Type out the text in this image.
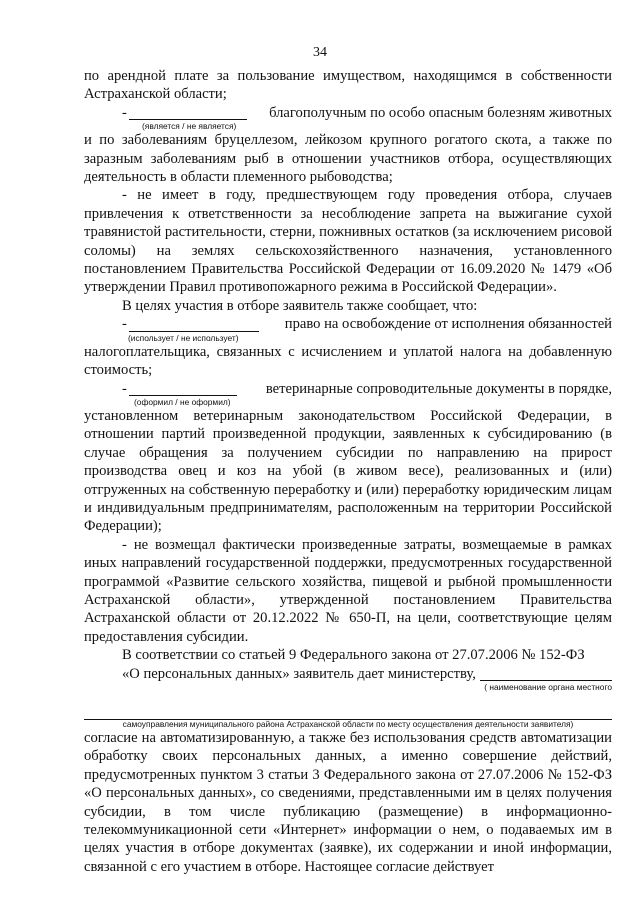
34

по арендной плате за пользование имуществом, находящимся в собственности Астраханской области;

-	благополучным по особо опасным болезням животных
(является / не является)

и по заболеваниям бруцеллезом, лейкозом крупного рогатого скота, а также по заразным заболеваниям рыб в отношении участников отбора, осуществляющих деятельность в области племенного рыбоводства;

- не имеет в году, предшествующем году проведения отбора, случаев привлечения к ответственности за несоблюдение запрета на выжигание сухой травянистой растительности, стерни, пожнивных остатков (за исключением рисовой соломы) на землях сельскохозяйственного назначения, установленного постановлением Правительства Российской Федерации от 16.09.2020 № 1479 «Об утверждении Правил противопожарного режима в Российской Федерации».

В целях участия в отборе заявитель также сообщает, что:

-	право на освобождение от исполнения обязанностей
(использует / не использует)

налогоплательщика, связанных с исчислением и уплатой налога на добавленную стоимость;

-	ветеринарные сопроводительные документы в порядке,
(оформил / не оформил)

установленном ветеринарным законодательством Российской Федерации, в отношении партий произведенной продукции, заявленных к субсидированию (в случае обращения за получением субсидии по направлению на прирост производства овец и коз на убой (в живом весе), реализованных и (или) отгруженных на собственную переработку и (или) переработку юридическим лицам и индивидуальным предпринимателям, расположенным на территории Российской Федерации);

- не возмещал фактически произведенные затраты, возмещаемые в рамках иных направлений государственной поддержки, предусмотренных государственной программой «Развитие сельского хозяйства, пищевой и рыбной промышленности Астраханской области», утвержденной постановлением Правительства Астраханской области от 20.12.2022 № 650-П, на цели, соответствующие целям предоставления субсидии.

В соответствии со статьей 9 Федерального закона от 27.07.2006 № 152-ФЗ

«О персональных данных» заявитель дает министерству,
( наименование органа местного
самоуправления муниципального района Астраханской области по месту осуществления деятельности заявителя)

согласие на автоматизированную, а также без использования средств автоматизации обработку своих персональных данных, а именно совершение действий, предусмотренных пунктом 3 статьи 3 Федерального закона от 27.07.2006 № 152-ФЗ «О персональных данных», со сведениями, представленными им в целях получения субсидии, в том числе публикацию (размещение) в информационно-телекоммуникационной сети «Интернет» информации о нем, о подаваемых им в целях участия в отборе документах (заявке), их содержании и иной информации, связанной с его участием в отборе. Настоящее согласие действует
